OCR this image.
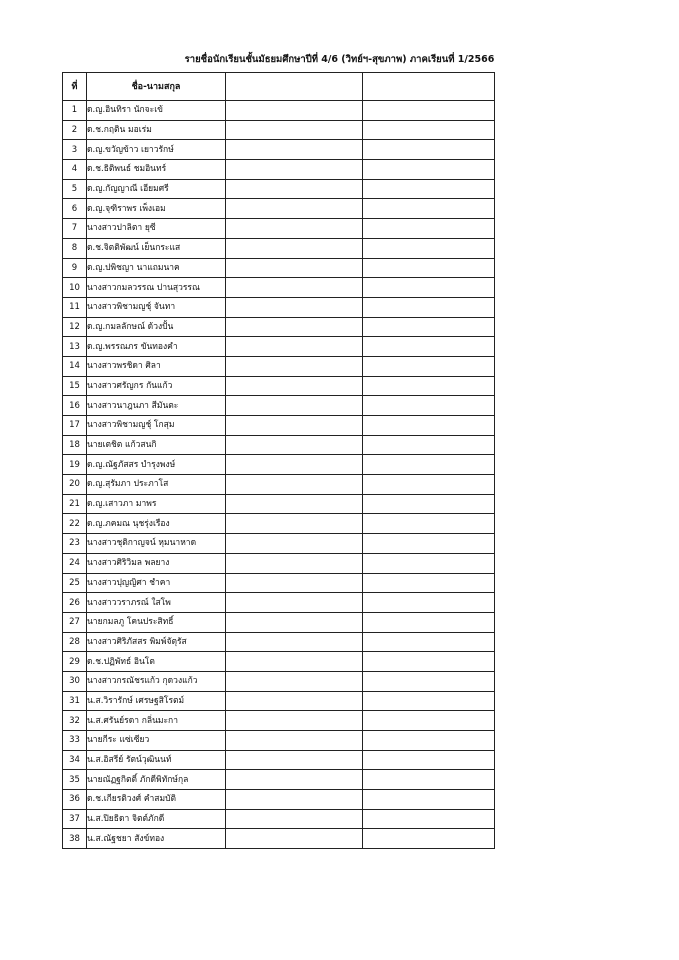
รายชื่อนักเรียนชั้นมัธยมศึกษาปีที่ 4/6 (วิทย์ฯ-สุขภาพ) ภาคเรียนที่ 1/2566
ที่	ชื่อ-นามสกุล		
1	ด.ญ.อินทิรา นักจะเข้		
2	ด.ช.กฤติน มอเร่ม		
3	ด.ญ.ขวัญข้าว เยาวรักษ์		
4	ด.ช.ธิติพนธ์ ชมอินทร์		
5	ด.ญ.กัญญาณี เอียมศรี		
6	ด.ญ.จุฑิราพร เพ็งเอม		
7	นางสาวปาลิตา ยุซี		
8	ด.ช.จิตติพัฒน์ เย็นกระแส		
9	ด.ญ.ปพิชญา นาแถมนาค		
10	นางสาวกมลวรรณ ปานสุวรรณ		
11	นางสาวพิชามญชุ์ จันทา		
12	ด.ญ.กมลลักษณ์ ด้วงปั้น		
13	ด.ญ.พรรณภร ขันทองคำ		
14	นางสาวพรชิดา ศิลา		
15	นางสาวศรัญกร กันแก้ว		
16	นางสาวนาฎนภา สีมันตะ		
17	นางสาวพิชามญชุ์ โกสุม		
18	นายเตชิต แก้วสนกิ		
19	ด.ญ.ณัฐภัสสร บำรุงพงษ์		
20	ด.ญ.สุรัมภา ประภาโส		
21	ด.ญ.เสาวภา มาพร		
22	ด.ญ.ภคมณ นุชรุ่งเรือง		
23	นางสาวชุติกาญจน์ หุมนาหาด		
24	นางสาวศิริวิมล พลยาง		
25	นางสาวปุญญิศา ชำคา		
26	นางสาววราภรณ์ ใสโพ		
27	นายกมลภู โคนประสิทธิ์		
28	นางสาวศิริภัสสร พิมพ์จัตุรัส		
29	ด.ช.ปฏิพัทธ์ อินโต		
30	นางสาวกรณัชรแก้ว กุดวงแก้ว		
31	น.ส.วิรารักษ์ เศรษฐสิโรตม์		
32	น.ส.ศรันย์รดา กลิ่นมะกา		
33	นายกีระ แซ่เซียว		
34	น.ส.อิสรีย์ รัตน์วุฒินนท์		
35	นายณัฏฐกิตติ์ ภักดีพิทักษ์กุล		
36	ด.ช.เกียรติวงศ์ คำสมบัติ		
37	น.ส.ปิยธิดา จิตต์ภักดี		
38	น.ส.ณัฐชยา สังข์ทอง		
